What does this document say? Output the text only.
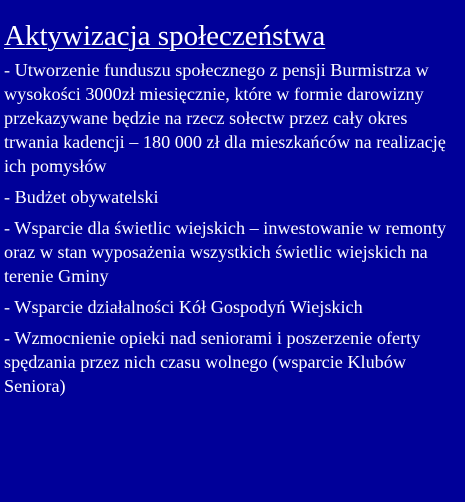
Aktywizacja społeczeństwa
- Utworzenie funduszu społecznego z pensji Burmistrza w wysokości 3000zł miesięcznie, które w formie darowizny przekazywane będzie na rzecz sołectw przez cały okres trwania kadencji – 180 000 zł dla mieszkańców na realizację ich pomysłów
- Budżet obywatelski
- Wsparcie dla świetlic wiejskich – inwestowanie w remonty oraz w stan wyposażenia wszystkich świetlic wiejskich na terenie Gminy
- Wsparcie działalności Kół Gospodyń Wiejskich
- Wzmocnienie opieki nad seniorami i poszerzenie oferty spędzania przez nich czasu wolnego (wsparcie Klubów Seniora)
